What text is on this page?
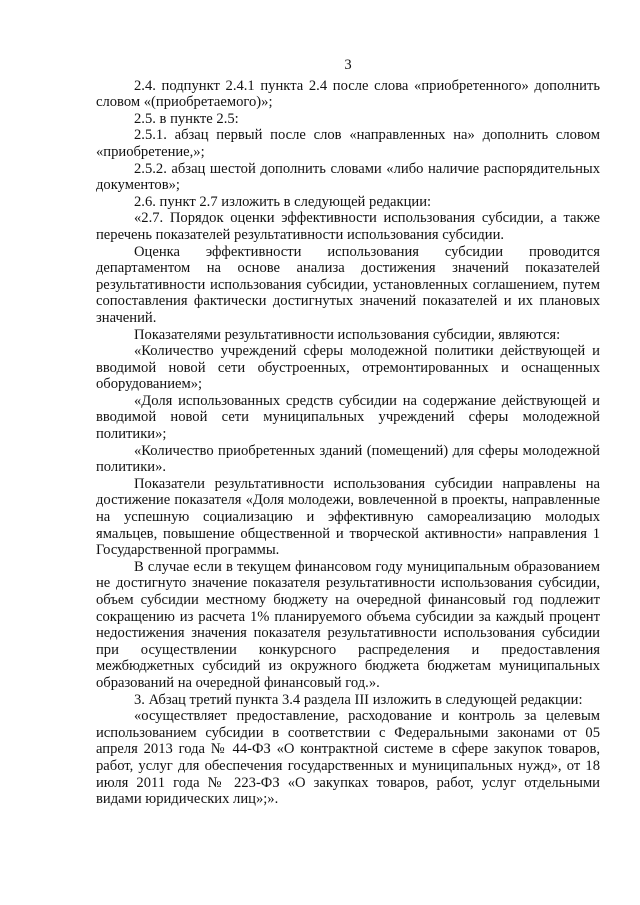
3

2.4. подпункт 2.4.1 пункта 2.4 после слова «приобретенного» дополнить словом «(приобретаемого)»;

2.5. в пункте 2.5:

2.5.1. абзац первый после слов «направленных на» дополнить словом «приобретение,»;

2.5.2. абзац шестой дополнить словами «либо наличие распорядительных документов»;

2.6. пункт 2.7 изложить в следующей редакции:

«2.7. Порядок оценки эффективности использования субсидии, а также перечень показателей результативности использования субсидии.

Оценка эффективности использования субсидии проводится департаментом на основе анализа достижения значений показателей результативности использования субсидии, установленных соглашением, путем сопоставления фактически достигнутых значений показателей и их плановых значений.

Показателями результативности использования субсидии, являются:

«Количество учреждений сферы молодежной политики действующей и вводимой новой сети обустроенных, отремонтированных и оснащенных оборудованием»;

«Доля использованных средств субсидии на содержание действующей и вводимой новой сети муниципальных учреждений сферы молодежной политики»;

«Количество приобретенных зданий (помещений) для сферы молодежной политики».

Показатели результативности использования субсидии направлены на достижение показателя «Доля молодежи, вовлеченной в проекты, направленные на успешную социализацию и эффективную самореализацию молодых ямальцев, повышение общественной и творческой активности» направления 1 Государственной программы.

В случае если в текущем финансовом году муниципальным образованием не достигнуто значение показателя результативности использования субсидии, объем субсидии местному бюджету на очередной финансовый год подлежит сокращению из расчета 1% планируемого объема субсидии за каждый процент недостижения значения показателя результативности использования субсидии при осуществлении конкурсного распределения и предоставления межбюджетных субсидий из окружного бюджета бюджетам муниципальных образований на очередной финансовый год.».

3. Абзац третий пункта 3.4 раздела III изложить в следующей редакции:

«осуществляет предоставление, расходование и контроль за целевым использованием субсидии в соответствии с Федеральными законами от 05 апреля 2013 года № 44-ФЗ «О контрактной системе в сфере закупок товаров, работ, услуг для обеспечения государственных и муниципальных нужд», от 18 июля 2011 года № 223-ФЗ «О закупках товаров, работ, услуг отдельными видами юридических лиц»;».
